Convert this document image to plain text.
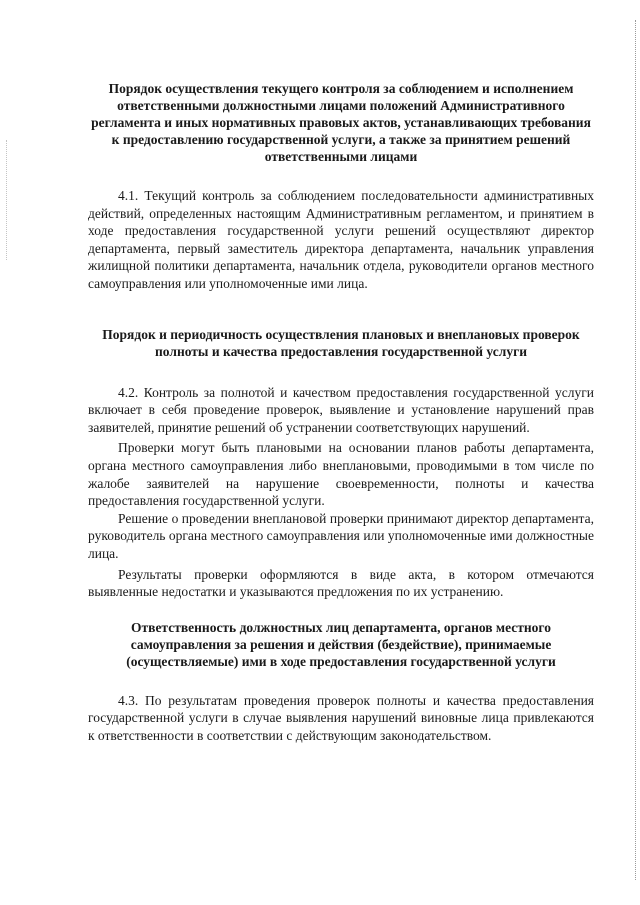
Порядок осуществления текущего контроля за соблюдением и исполнением ответственными должностными лицами положений Административного регламента и иных нормативных правовых актов, устанавливающих требования к предоставлению государственной услуги, а также за принятием решений ответственными лицами

4.1. Текущий контроль за соблюдением последовательности административных действий, определенных настоящим Административным регламентом, и принятием в ходе предоставления государственной услуги решений осуществляют директор департамента, первый заместитель директора департамента, начальник управления жилищной политики департамента, начальник отдела, руководители органов местного самоуправления или уполномоченные ими лица.

Порядок и периодичность осуществления плановых и внеплановых проверок полноты и качества предоставления государственной услуги

4.2. Контроль за полнотой и качеством предоставления государственной услуги включает в себя проведение проверок, выявление и установление нарушений прав заявителей, принятие решений об устранении соответствующих нарушений.

Проверки могут быть плановыми на основании планов работы департамента, органа местного самоуправления либо внеплановыми, проводимыми в том числе по жалобе заявителей на нарушение своевременности, полноты и качества предоставления государственной услуги.

Решение о проведении внеплановой проверки принимают директор департамента, руководитель органа местного самоуправления или уполномоченные ими должностные лица.

Результаты проверки оформляются в виде акта, в котором отмечаются выявленные недостатки и указываются предложения по их устранению.

Ответственность должностных лиц департамента, органов местного самоуправления за решения и действия (бездействие), принимаемые (осуществляемые) ими в ходе предоставления государственной услуги

4.3. По результатам проведения проверок полноты и качества предоставления государственной услуги в случае выявления нарушений виновные лица привлекаются к ответственности в соответствии с действующим законодательством.
